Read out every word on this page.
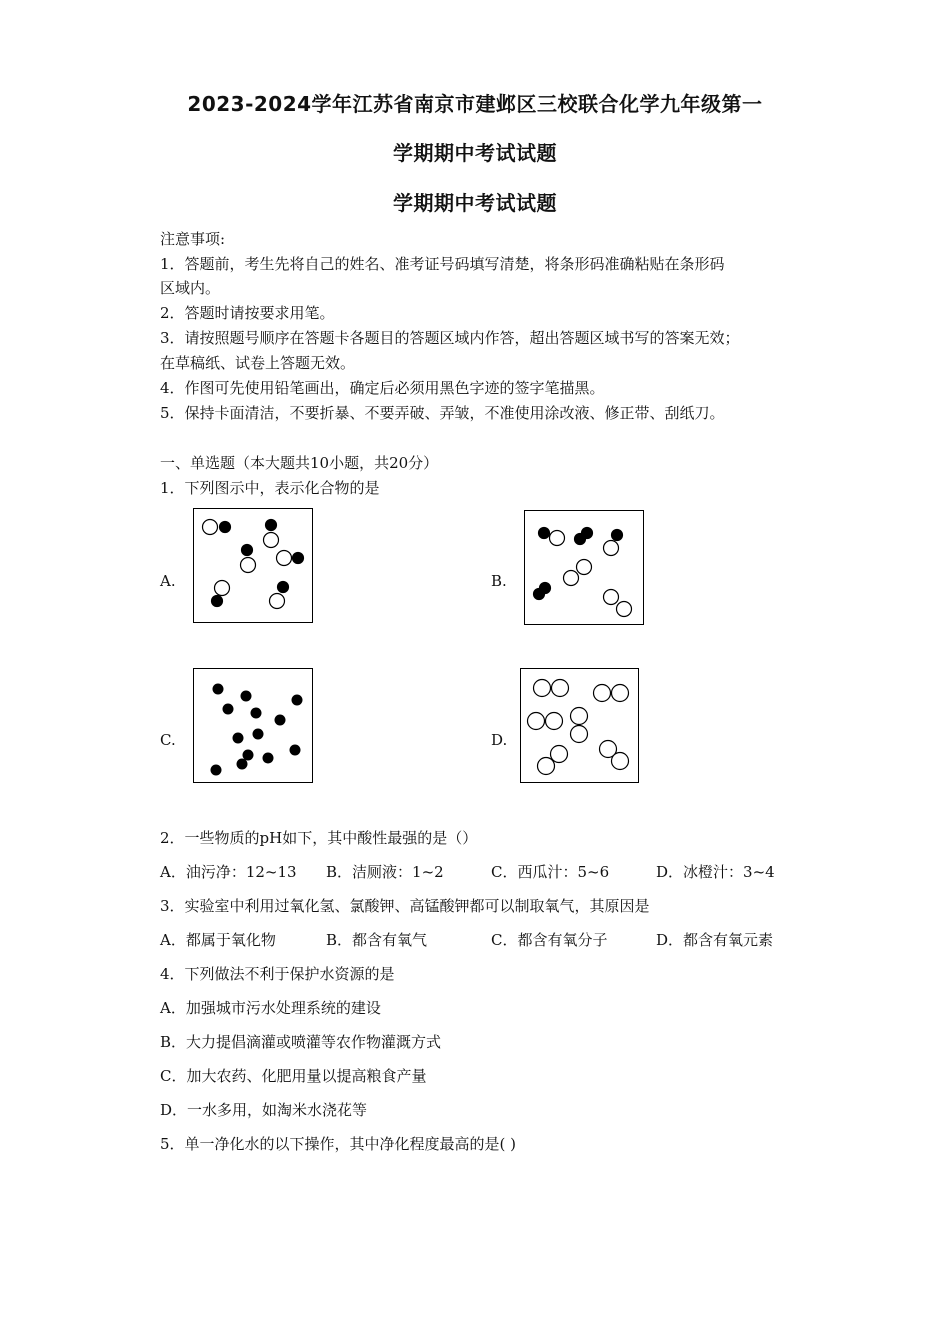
2023-2024学年江苏省南京市建邺区三校联合化学九年级第一
学期期中考试试题
学期期中考试试题
注意事项:
1．答题前，考生先将自己的姓名、准考证号码填写清楚，将条形码准确粘贴在条形码
区域内。
2．答题时请按要求用笔。
3．请按照题号顺序在答题卡各题目的答题区域内作答，超出答题区域书写的答案无效；
在草稿纸、试卷上答题无效。
4．作图可先使用铅笔画出，确定后必须用黑色字迹的签字笔描黑。
5．保持卡面清洁，不要折暴、不要弄破、弄皱，不准使用涂改液、修正带、刮纸刀。
一、单选题（本大题共10小题，共20分）
1．下列图示中，表示化合物的是
A.	B.
C.	D.
2．一些物质的pH如下，其中酸性最强的是（）
A．油污净：12~13 B．洁厕液：1~2	C．西瓜汁：5~6	D．冰橙汁：3~4
3．实验室中利用过氧化氢、氯酸钾、高锰酸钾都可以制取氧气，其原因是
A．都属于氧化物	B．都含有氧气	C．都含有氧分子	D．都含有氧元素
4．下列做法不利于保护水资源的是
A．加强城市污水处理系统的建设
B．大力提倡滴灌或喷灌等农作物灌溉方式
C．加大农药、化肥用量以提高粮食产量
D．一水多用，如淘米水浇花等
5．单一净化水的以下操作，其中净化程度最高的是( )
